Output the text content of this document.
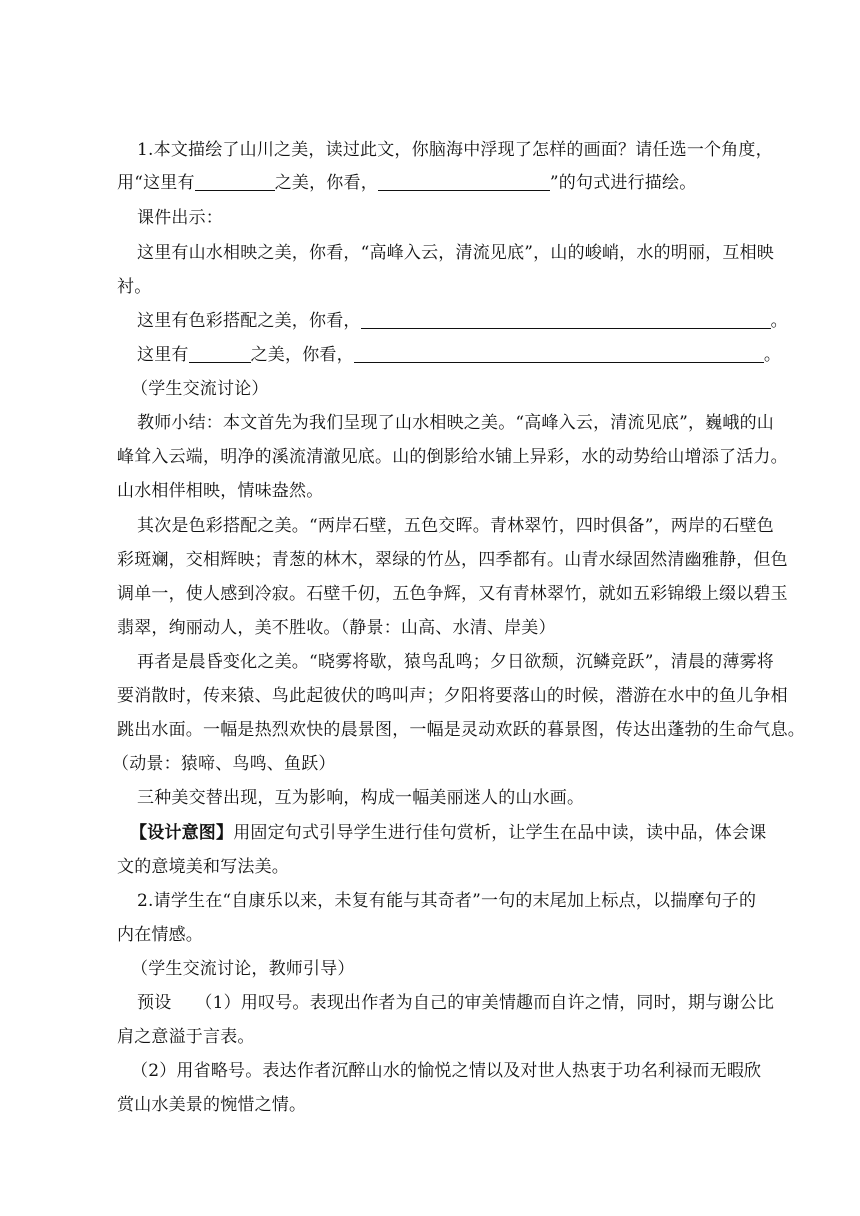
1.本文描绘了山川之美，读过此文，你脑海中浮现了怎样的画面？请任选一个角度，
用“这里有	之美，你看，	”的句式进行描绘。
课件出示：
这里有山水相映之美，你看，“高峰入云，清流见底”，山的峻峭，水的明丽，互相映
衬。
这里有色彩搭配之美，你看，	。
这里有	之美，你看，	。
（学生交流讨论）
教师小结：本文首先为我们呈现了山水相映之美。“高峰入云，清流见底”，巍峨的山
峰耸入云端，明净的溪流清澈见底。山的倒影给水铺上异彩，水的动势给山增添了活力。
山水相伴相映，情味盎然。
其次是色彩搭配之美。“两岸石壁，五色交晖。青林翠竹，四时俱备”，两岸的石壁色
彩斑斓，交相辉映；青葱的林木，翠绿的竹丛，四季都有。山青水绿固然清幽雅静，但色
调单一，使人感到冷寂。石壁千仞，五色争辉，又有青林翠竹，就如五彩锦缎上缀以碧玉
翡翠，绚丽动人，美不胜收。（静景：山高、水清、岸美）
再者是晨昏变化之美。“晓雾将歇，猿鸟乱鸣；夕日欲颓，沉鳞竞跃”，清晨的薄雾将
要消散时，传来猿、鸟此起彼伏的鸣叫声；夕阳将要落山的时候，潜游在水中的鱼儿争相
跳出水面。一幅是热烈欢快的晨景图，一幅是灵动欢跃的暮景图，传达出蓬勃的生命气息。
（动景：猿啼、鸟鸣、鱼跃）
三种美交替出现，互为影响，构成一幅美丽迷人的山水画。
【设计意图】用固定句式引导学生进行佳句赏析，让学生在品中读，读中品，体会课
文的意境美和写法美。
2.请学生在“自康乐以来，未复有能与其奇者”一句的末尾加上标点，以揣摩句子的
内在情感。
（学生交流讨论，教师引导）
预设 （1）用叹号。表现出作者为自己的审美情趣而自许之情，同时，期与谢公比
肩之意溢于言表。
（2）用省略号。表达作者沉醉山水的愉悦之情以及对世人热衷于功名利禄而无暇欣
赏山水美景的惋惜之情。
